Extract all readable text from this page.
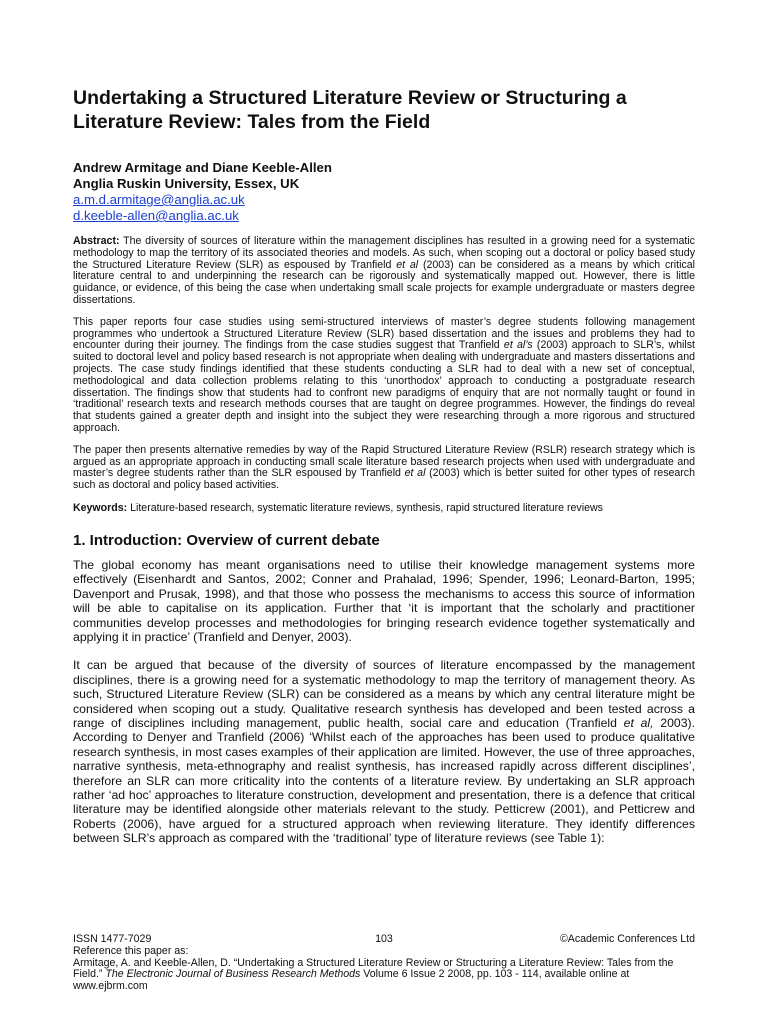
Undertaking a Structured Literature Review or Structuring a Literature Review: Tales from the Field
Andrew Armitage and Diane Keeble-Allen
Anglia Ruskin University, Essex, UK
a.m.d.armitage@anglia.ac.uk
d.keeble-allen@anglia.ac.uk

Abstract: The diversity of sources of literature within the management disciplines has resulted in a growing need for a systematic methodology to map the territory of its associated theories and models. As such, when scoping out a doctoral or policy based study the Structured Literature Review (SLR) as espoused by Tranfield et al (2003) can be considered as a means by which critical literature central to and underpinning the research can be rigorously and systematically mapped out. However, there is little guidance, or evidence, of this being the case when undertaking small scale projects for example undergraduate or masters degree dissertations.

This paper reports four case studies using semi-structured interviews of master’s degree students following management programmes who undertook a Structured Literature Review (SLR) based dissertation and the issues and problems they had to encounter during their journey. The findings from the case studies suggest that Tranfield et al’s (2003) approach to SLR’s, whilst suited to doctoral level and policy based research is not appropriate when dealing with undergraduate and masters dissertations and projects. The case study findings identified that these students conducting a SLR had to deal with a new set of conceptual, methodological and data collection problems relating to this ‘unorthodox’ approach to conducting a postgraduate research dissertation. The findings show that students had to confront new paradigms of enquiry that are not normally taught or found in ‘traditional’ research texts and research methods courses that are taught on degree programmes. However, the findings do reveal that students gained a greater depth and insight into the subject they were researching through a more rigorous and structured approach.

The paper then presents alternative remedies by way of the Rapid Structured Literature Review (RSLR) research strategy which is argued as an appropriate approach in conducting small scale literature based research projects when used with undergraduate and master’s degree students rather than the SLR espoused by Tranfield et al (2003) which is better suited for other types of research such as doctoral and policy based activities.

Keywords: Literature-based research, systematic literature reviews, synthesis, rapid structured literature reviews
1. Introduction: Overview of current debate

The global economy has meant organisations need to utilise their knowledge management systems more effectively (Eisenhardt and Santos, 2002; Conner and Prahalad, 1996; Spender, 1996; Leonard-Barton, 1995; Davenport and Prusak, 1998), and that those who possess the mechanisms to access this source of information will be able to capitalise on its application. Further that ‘it is important that the scholarly and practitioner communities develop processes and methodologies for bringing research evidence together systematically and applying it in practice’ (Tranfield and Denyer, 2003).

It can be argued that because of the diversity of sources of literature encompassed by the management disciplines, there is a growing need for a systematic methodology to map the territory of management theory. As such, Structured Literature Review (SLR) can be considered as a means by which any central literature might be considered when scoping out a study. Qualitative research synthesis has developed and been tested across a range of disciplines including management, public health, social care and education (Tranfield et al, 2003). According to Denyer and Tranfield (2006) ‘Whilst each of the approaches has been used to produce qualitative research synthesis, in most cases examples of their application are limited. However, the use of three approaches, narrative synthesis, meta-ethnography and realist synthesis, has increased rapidly across different disciplines’, therefore an SLR can more criticality into the contents of a literature review. By undertaking an SLR approach rather ‘ad hoc’ approaches to literature construction, development and presentation, there is a defence that critical literature may be identified alongside other materials relevant to the study. Petticrew (2001), and Petticrew and Roberts (2006), have argued for a structured approach when reviewing literature. They identify differences between SLR’s approach as compared with the ‘traditional’ type of literature reviews (see Table 1):

ISSN 1477-7029	103	©Academic Conferences Ltd
Reference this paper as:
Armitage, A. and Keeble-Allen, D. “Undertaking a Structured Literature Review or Structuring a Literature Review: Tales from the Field.” The Electronic Journal of Business Research Methods Volume 6 Issue 2 2008, pp. 103 - 114, available online at www.ejbrm.com
